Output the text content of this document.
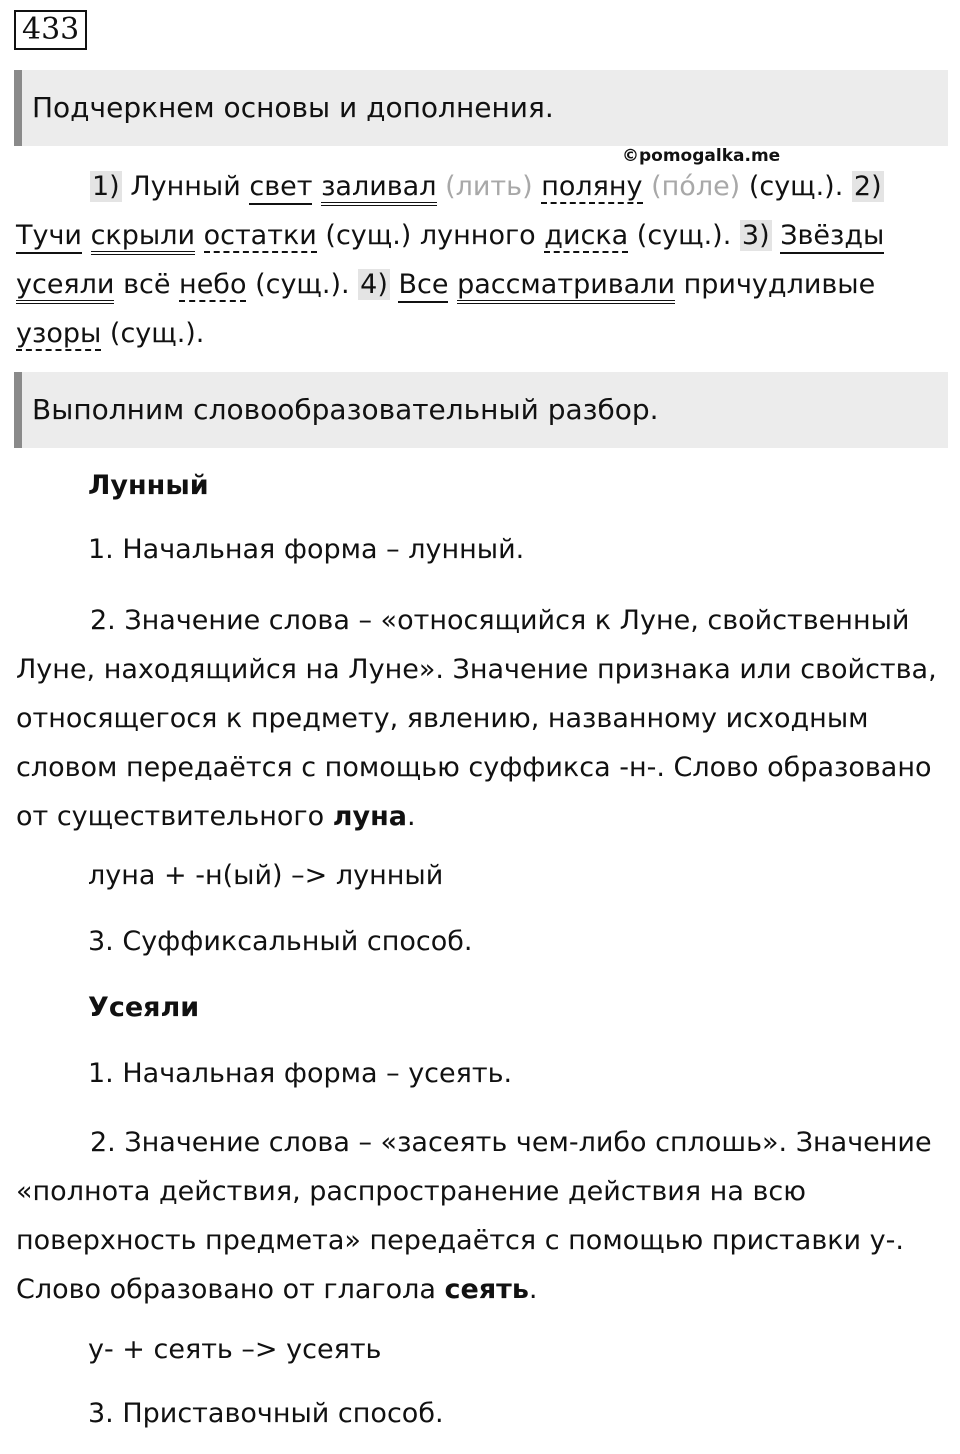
433
Подчеркнем основы и дополнения.
©pomogalka.me

1) Лунный свет заливал (лить) поляну (по́ле) (сущ.). 2) Тучи скрыли остатки (сущ.) лунного диска (сущ.). 3) Звёзды усеяли всё небо (сущ.). 4) Все рассматривали причудливые узоры (сущ.).

Выполним словообразовательный разбор.
Лунный
1. Начальная форма – лунный.

2. Значение слова – «относящийся к Луне, свойственный Луне, находящийся на Луне». Значение признака или свойства, относящегося к предмету, явлению, названному исходным словом передаётся с помощью суффикса -н-. Слово образовано от существительного луна.

луна + -н(ый) –> лунный
3. Суффиксальный способ.
Усеяли
1. Начальная форма – усеять.

2. Значение слова – «засеять чем-либо сплошь». Значение «полнота действия, распространение действия на всю поверхность предмета» передаётся с помощью приставки у-. Слово образовано от глагола сеять.

у- + сеять –> усеять
3. Приставочный способ.
